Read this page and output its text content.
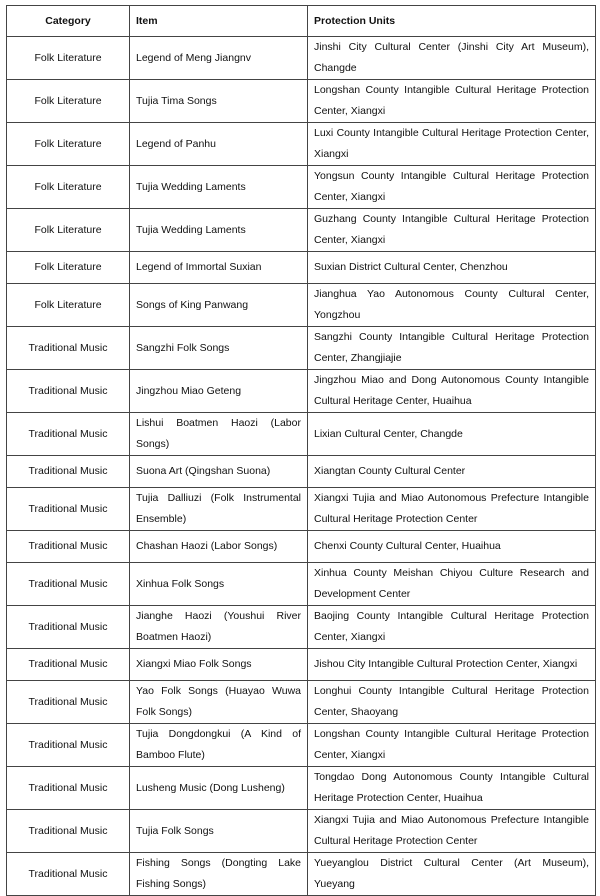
Category	Item	Protection Units
Folk Literature	Legend of Meng Jiangnv	Jinshi City Cultural Center (Jinshi City Art Museum), Changde
Folk Literature	Tujia Tima Songs	Longshan County Intangible Cultural Heritage Protection Center, Xiangxi
Folk Literature	Legend of Panhu	Luxi County Intangible Cultural Heritage Protection Center, Xiangxi
Folk Literature	Tujia Wedding Laments	Yongsun County Intangible Cultural Heritage Protection Center, Xiangxi
Folk Literature	Tujia Wedding Laments	Guzhang County Intangible Cultural Heritage Protection Center, Xiangxi
Folk Literature	Legend of Immortal Suxian	Suxian District Cultural Center, Chenzhou
Folk Literature	Songs of King Panwang	Jianghua Yao Autonomous County Cultural Center, Yongzhou
Traditional Music	Sangzhi Folk Songs	Sangzhi County Intangible Cultural Heritage Protection Center, Zhangjiajie
Traditional Music	Jingzhou Miao Geteng	Jingzhou Miao and Dong Autonomous County Intangible Cultural Heritage Center, Huaihua
Traditional Music	Lishui Boatmen Haozi (Labor Songs)	Lixian Cultural Center, Changde
Traditional Music	Suona Art (Qingshan Suona)	Xiangtan County Cultural Center
Traditional Music	Tujia Dalliuzi (Folk Instrumental Ensemble)	Xiangxi Tujia and Miao Autonomous Prefecture Intangible Cultural Heritage Protection Center
Traditional Music	Chashan Haozi (Labor Songs)	Chenxi County Cultural Center, Huaihua
Traditional Music	Xinhua Folk Songs	Xinhua County Meishan Chiyou Culture Research and Development Center
Traditional Music	Jianghe Haozi (Youshui River Boatmen Haozi)	Baojing County Intangible Cultural Heritage Protection Center, Xiangxi
Traditional Music	Xiangxi Miao Folk Songs	Jishou City Intangible Cultural Protection Center, Xiangxi
Traditional Music	Yao Folk Songs (Huayao Wuwa Folk Songs)	Longhui County Intangible Cultural Heritage Protection Center, Shaoyang
Traditional Music	Tujia Dongdongkui (A Kind of Bamboo Flute)	Longshan County Intangible Cultural Heritage Protection Center, Xiangxi
Traditional Music	Lusheng Music (Dong Lusheng)	Tongdao Dong Autonomous County Intangible Cultural Heritage Protection Center, Huaihua
Traditional Music	Tujia Folk Songs	Xiangxi Tujia and Miao Autonomous Prefecture Intangible Cultural Heritage Protection Center
Traditional Music	Fishing Songs (Dongting Lake Fishing Songs)	Yueyanglou District Cultural Center (Art Museum), Yueyang
